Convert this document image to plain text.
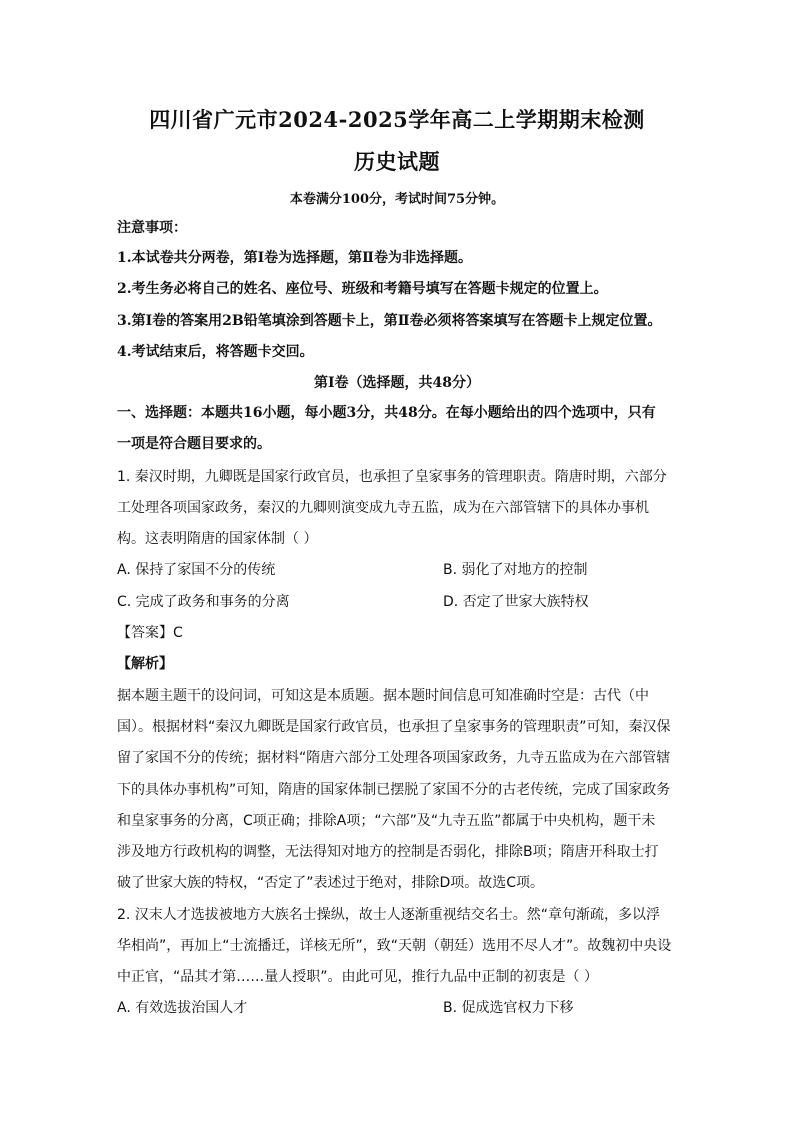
四川省广元市2024-2025学年高二上学期期末检测
历史试题
本卷满分100分，考试时间75分钟。
注意事项：
1.本试卷共分两卷，第Ⅰ卷为选择题，第Ⅱ卷为非选择题。
2.考生务必将自己的姓名、座位号、班级和考籍号填写在答题卡规定的位置上。
3.第Ⅰ卷的答案用2B铅笔填涂到答题卡上，第Ⅱ卷必须将答案填写在答题卡上规定位置。
4.考试结束后，将答题卡交回。
第Ⅰ卷（选择题，共48分）
一、选择题：本题共16小题，每小题3分，共48分。在每小题给出的四个选项中，只有
一项是符合题目要求的。
1. 秦汉时期，九卿既是国家行政官员，也承担了皇家事务的管理职责。隋唐时期，六部分
工处理各项国家政务，秦汉的九卿则演变成九寺五监，成为在六部管辖下的具体办事机
构。这表明隋唐的国家体制（ ）
A. 保持了家国不分的传统	B. 弱化了对地方的控制
C. 完成了政务和事务的分离	D. 否定了世家大族特权
【答案】C
【解析】
据本题主题干的设问词，可知这是本质题。据本题时间信息可知准确时空是：古代（中
国）。根据材料“秦汉九卿既是国家行政官员，也承担了皇家事务的管理职责”可知，秦汉保
留了家国不分的传统；据材料“隋唐六部分工处理各项国家政务，九寺五监成为在六部管辖
下的具体办事机构”可知，隋唐的国家体制已摆脱了家国不分的古老传统，完成了国家政务
和皇家事务的分离，C项正确；排除A项；“六部”及“九寺五监”都属于中央机构，题干未
涉及地方行政机构的调整，无法得知对地方的控制是否弱化，排除B项；隋唐开科取士打
破了世家大族的特权，“否定了”表述过于绝对，排除D项。故选C项。
2. 汉末人才选拔被地方大族名士操纵，故士人逐渐重视结交名士。然“章句渐疏，多以浮
华相尚”，再加上“士流播迁，详核无所”，致“天朝（朝廷）选用不尽人才”。故魏初中央设
中正官，“品其才第……量人授职”。由此可见，推行九品中正制的初衷是（ ）
A. 有效选拔治国人才	B. 促成选官权力下移
